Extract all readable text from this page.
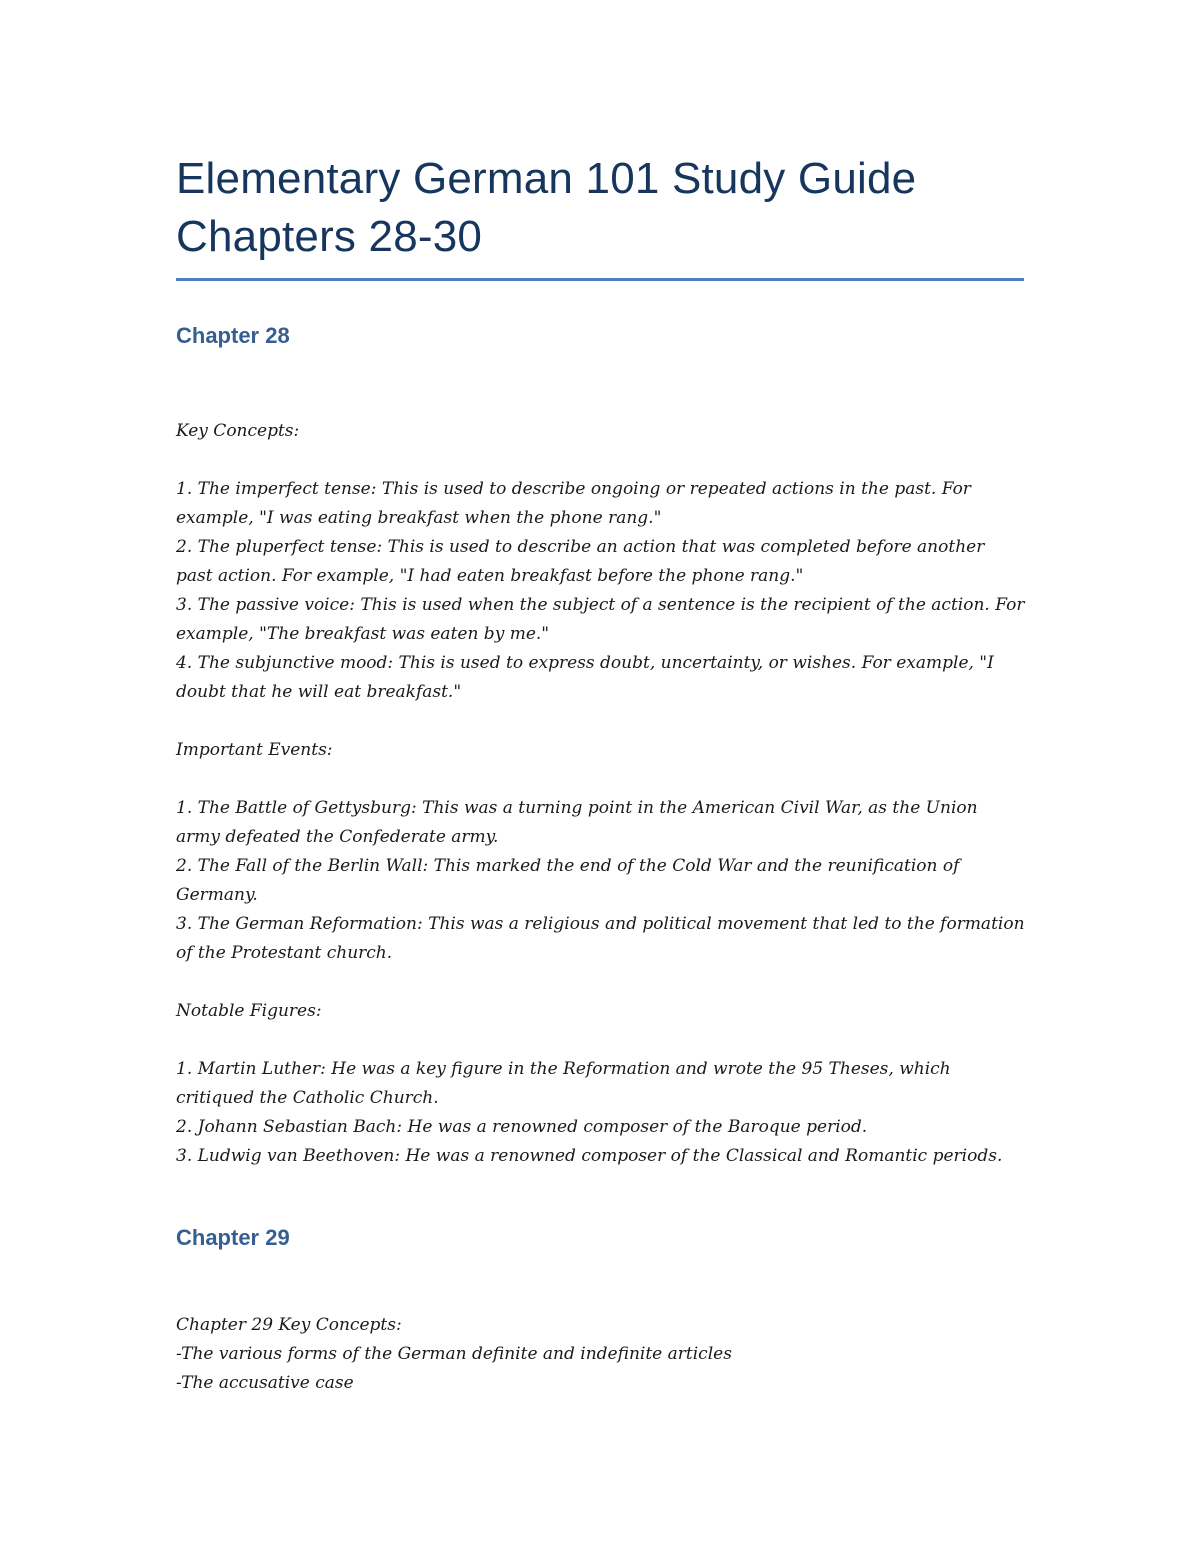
Elementary German 101 Study Guide
Chapters 28-30
Chapter 28

Key Concepts:

1. The imperfect tense: This is used to describe ongoing or repeated actions in the past. For example, "I was eating breakfast when the phone rang."

2. The pluperfect tense: This is used to describe an action that was completed before another past action. For example, "I had eaten breakfast before the phone rang."

3. The passive voice: This is used when the subject of a sentence is the recipient of the action. For example, "The breakfast was eaten by me."

4. The subjunctive mood: This is used to express doubt, uncertainty, or wishes. For example, "I doubt that he will eat breakfast."

Important Events:

1. The Battle of Gettysburg: This was a turning point in the American Civil War, as the Union army defeated the Confederate army.

2. The Fall of the Berlin Wall: This marked the end of the Cold War and the reunification of Germany.

3. The German Reformation: This was a religious and political movement that led to the formation of the Protestant church.

Notable Figures:

1. Martin Luther: He was a key figure in the Reformation and wrote the 95 Theses, which critiqued the Catholic Church.

2. Johann Sebastian Bach: He was a renowned composer of the Baroque period.

3. Ludwig van Beethoven: He was a renowned composer of the Classical and Romantic periods.

Chapter 29

Chapter 29 Key Concepts:

-The various forms of the German definite and indefinite articles

-The accusative case
